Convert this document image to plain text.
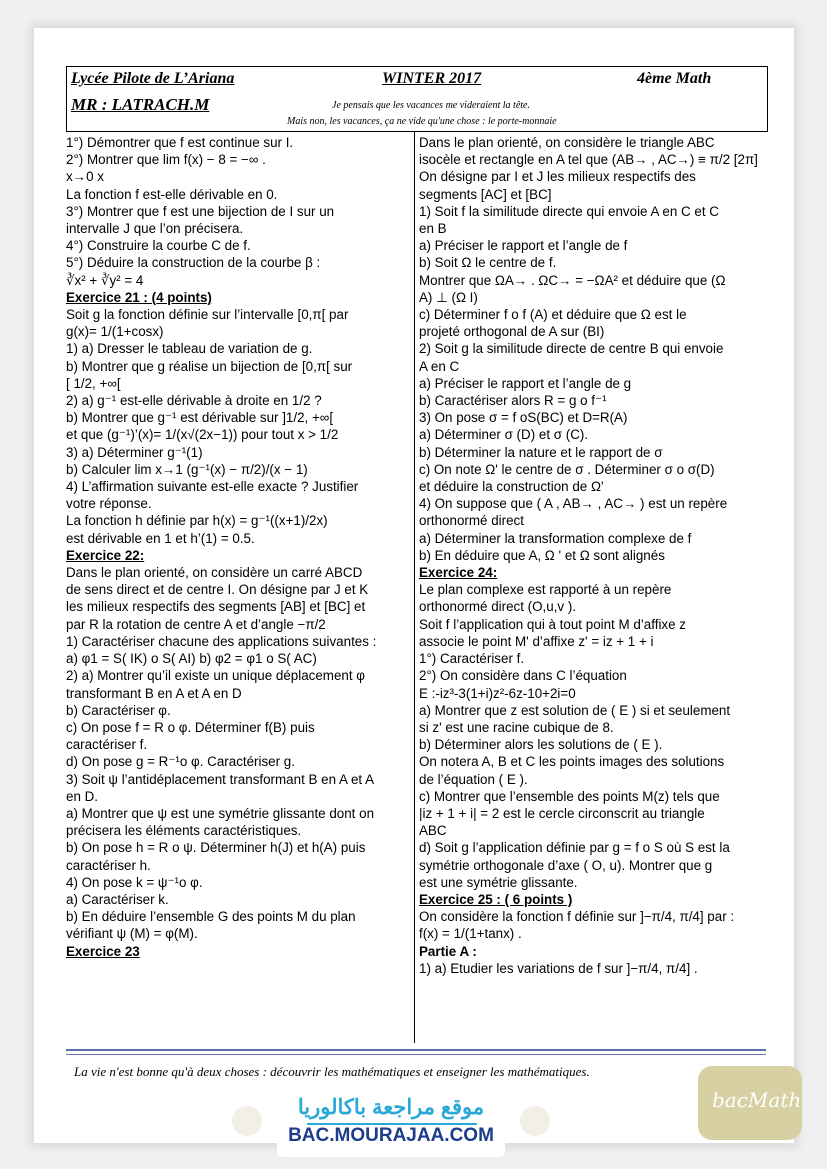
Lycée Pilote de L’Ariana	WINTER 2017	4ème Math
MR : LATRACH.M	Je pensais que les vacances me videraient la tête.
Mais non, les vacances, ça ne vide qu'une chose : le porte-monnaie

1°) Démontrer que f est continue sur I.

2°) Montrer que lim f(x) − 8 = −∞ .

x→0 x

La fonction f est-elle dérivable en 0.

3°) Montrer que f est une bijection de I sur un

intervalle J que l’on précisera.

4°) Construire la courbe C de f.

5°) Déduire la construction de la courbe β :

∛x² + ∛y² = 4

Exercice 21 : (4 points)

Soit g la fonction définie sur l’intervalle [0,π[ par

g(x)= 1/(1+cosx)

1) a) Dresser le tableau de variation de g.

b) Montrer que g réalise un bijection de [0,π[ sur

[ 1/2, +∞[

2) a) g⁻¹ est-elle dérivable à droite en 1/2 ?

b) Montrer que g⁻¹ est dérivable sur ]1/2, +∞[

et que (g⁻¹)’(x)= 1/(x√(2x−1)) pour tout x > 1/2

3) a) Déterminer g⁻¹(1)

b) Calculer lim x→1 (g⁻¹(x) − π/2)/(x − 1)

4) L’affirmation suivante est-elle exacte ? Justifier

votre réponse.

La fonction h définie par h(x) = g⁻¹((x+1)/2x)

est dérivable en 1 et h’(1) = 0.5.

Exercice 22:

Dans le plan orienté, on considère un carré ABCD

de sens direct et de centre I. On désigne par J et K

les milieux respectifs des segments [AB] et [BC] et

par R la rotation de centre A et d’angle −π/2

1) Caractériser chacune des applications suivantes :

a) φ1 = S( IK) o S( AI) b) φ2 = φ1 o S( AC)

2) a) Montrer qu’il existe un unique déplacement φ

transformant B en A et A en D

b) Caractériser φ.

c) On pose f = R o φ. Déterminer f(B) puis

caractériser f.

d) On pose g = R⁻¹o φ. Caractériser g.

3) Soit ψ l’antidéplacement transformant B en A et A

en D.

a) Montrer que ψ est une symétrie glissante dont on

précisera les éléments caractéristiques.

b) On pose h = R o ψ. Déterminer h(J) et h(A) puis

caractériser h.

4) On pose k = ψ⁻¹o φ.

a) Caractériser k.

b) En déduire l’ensemble G des points M du plan

vérifiant ψ (M) = φ(M).

Exercice 23

Dans le plan orienté, on considère le triangle ABC

isocèle et rectangle en A tel que (AB→ , AC→) ≡ π/2 [2π]

On désigne par I et J les milieux respectifs des

segments [AC] et [BC]

1) Soit f la similitude directe qui envoie A en C et C

en B

a) Préciser le rapport et l’angle de f

b) Soit Ω le centre de f.

Montrer que ΩA→ . ΩC→ = −ΩA² et déduire que (Ω

A) ⊥ (Ω I)

c) Déterminer f o f (A) et déduire que Ω est le

projeté orthogonal de A sur (BI)

2) Soit g la similitude directe de centre B qui envoie

A en C

a) Préciser le rapport et l’angle de g

b) Caractériser alors R = g o f⁻¹

3) On pose σ = f oS(BC) et D=R(A)

a) Déterminer σ (D) et σ (C).

b) Déterminer la nature et le rapport de σ

c) On note Ω' le centre de σ . Déterminer σ o σ(D)

et déduire la construction de Ω'

4) On suppose que ( A , AB→ , AC→ ) est un repère

orthonormé direct

a) Déterminer la transformation complexe de f

b) En déduire que A, Ω ' et Ω sont alignés

Exercice 24:

Le plan complexe est rapporté à un repère

orthonormé direct (O,u,v ).

Soit f l’application qui à tout point M d’affixe z

associe le point M' d’affixe z' = iz + 1 + i

1°) Caractériser f.

2°) On considère dans C l’équation

E :-iz³-3(1+i)z²-6z-10+2i=0

a) Montrer que z est solution de ( E ) si et seulement

si z' est une racine cubique de 8.

b) Déterminer alors les solutions de ( E ).

On notera A, B et C les points images des solutions

de l’équation ( E ).

c) Montrer que l’ensemble des points M(z) tels que

|iz + 1 + i| = 2 est le cercle circonscrit au triangle

ABC

d) Soit g l’application définie par g = f o S où S est la

symétrie orthogonale d’axe ( O, u). Montrer que g

est une symétrie glissante.

Exercice 25 : ( 6 points )

On considère la fonction f définie sur ]−π/4, π/4] par :

f(x) = 1/(1+tanx) .

Partie A :

1) a) Etudier les variations de f sur ]−π/4, π/4] .

La vie n'est bonne qu'à deux choses : découvrir les mathématiques et enseigner les mathématiques.
موقع مراجعة باكالوريا
BAC.MOURAJAA.COM
bacMath
